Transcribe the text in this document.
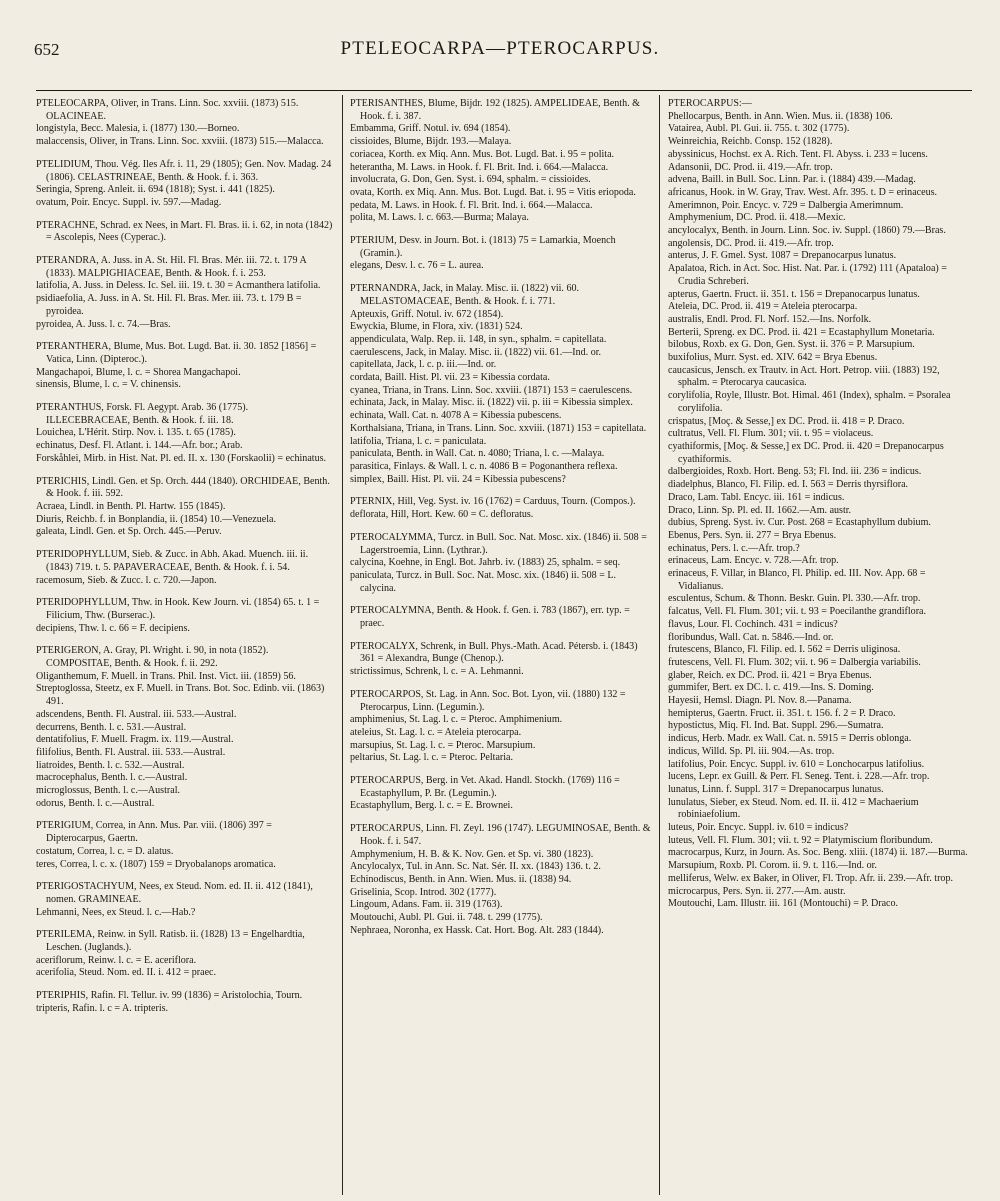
652	PTELEOCARPA—PTEROCARPUS.
PTELEOCARPA, Oliver, in Trans. Linn. Soc. xxviii. (1873) 515. OLACINEAE.
longistyla, Becc. Malesia, i. (1877) 130.—Borneo.
malaccensis, Oliver, in Trans. Linn. Soc. xxviii. (1873) 515.—Malacca.
PTELIDIUM, Thou. Vég. Iles Afr. i. 11, 29 (1805); Gen. Nov. Madag. 24 (1806). CELASTRINEAE, Benth. & Hook. f. i. 363.
Seringia, Spreng. Anleit. ii. 694 (1818); Syst. i. 441 (1825).
ovatum, Poir. Encyc. Suppl. iv. 597.—Madag.
PTERACHNE, Schrad. ex Nees, in Mart. Fl. Bras. ii. i. 62, in nota (1842) = Ascolepis, Nees (Cyperac.).
PTERANDRA, A. Juss. in A. St. Hil. Fl. Bras. Mér. iii. 72. t. 179 A (1833). MALPIGHIACEAE, Benth. & Hook. f. i. 253.
latifolia, A. Juss. in Deless. Ic. Sel. iii. 19. t. 30 = Acmanthera latifolia.
psidiaefolia, A. Juss. in A. St. Hil. Fl. Bras. Mer. iii. 73. t. 179 B = pyroidea.
pyroidea, A. Juss. l. c. 74.—Bras.
PTERANTHERA, Blume, Mus. Bot. Lugd. Bat. ii. 30. 1852 [1856] = Vatica, Linn. (Dipteroc.).
Mangachapoi, Blume, l. c. = Shorea Mangachapoi.
sinensis, Blume, l. c. = V. chinensis.
PTERANTHUS, Forsk. Fl. Aegypt. Arab. 36 (1775). ILLECEBRACEAE, Benth. & Hook. f. iii. 18.
Louichea, L'Hérit. Stirp. Nov. i. 135. t. 65 (1785).
echinatus, Desf. Fl. Atlant. i. 144.—Afr. bor.; Arab.
Forskåhlei, Mirb. in Hist. Nat. Pl. ed. II. x. 130 (Forskaolii) = echinatus.
PTERICHIS, Lindl. Gen. et Sp. Orch. 444 (1840). ORCHIDEAE, Benth. & Hook. f. iii. 592.
Acraea, Lindl. in Benth. Pl. Hartw. 155 (1845).
Diuris, Reichb. f. in Bonplandia, ii. (1854) 10.—Venezuela.
galeata, Lindl. Gen. et Sp. Orch. 445.—Peruv.
PTERIDOPHYLLUM, Sieb. & Zucc. in Abh. Akad. Muench. iii. ii. (1843) 719. t. 5. PAPAVERACEAE, Benth. & Hook. f. i. 54.
racemosum, Sieb. & Zucc. l. c. 720.—Japon.
PTERIDOPHYLLUM, Thw. in Hook. Kew Journ. vi. (1854) 65. t. 1 = Filicium, Thw. (Burserac.).
decipiens, Thw. l. c. 66 = F. decipiens.
PTERIGERON, A. Gray, Pl. Wright. i. 90, in nota (1852). COMPOSITAE, Benth. & Hook. f. ii. 292.
Oliganthemum, F. Muell. in Trans. Phil. Inst. Vict. iii. (1859) 56.
Streptoglossa, Steetz, ex F. Muell. in Trans. Bot. Soc. Edinb. vii. (1863) 491.
adscendens, Benth. Fl. Austral. iii. 533.—Austral.
decurrens, Benth. l. c. 531.—Austral.
dentatifolius, F. Muell. Fragm. ix. 119.—Austral.
filifolius, Benth. Fl. Austral. iii. 533.—Austral.
liatroides, Benth. l. c. 532.—Austral.
macrocephalus, Benth. l. c.—Austral.
microglossus, Benth. l. c.—Austral.
odorus, Benth. l. c.—Austral.
PTERIGIUM, Correa, in Ann. Mus. Par. viii. (1806) 397 = Dipterocarpus, Gaertn.
costatum, Correa, l. c. = D. alatus.
teres, Correa, l. c. x. (1807) 159 = Dryobalanops aromatica.
PTERIGOSTACHYUM, Nees, ex Steud. Nom. ed. II. ii. 412 (1841), nomen. GRAMINEAE.
Lehmanni, Nees, ex Steud. l. c.—Hab.?
PTERILEMA, Reinw. in Syll. Ratisb. ii. (1828) 13 = Engelhardtia, Leschen. (Juglands.).
aceriflorum, Reinw. l. c. = E. aceriflora.
acerifolia, Steud. Nom. ed. II. i. 412 = praec.
PTERIPHIS, Rafin. Fl. Tellur. iv. 99 (1836) = Aristolochia, Tourn.
tripteris, Rafin. l. c = A. tripteris.
PTERISANTHES, Blume, Bijdr. 192 (1825). AMPELIDEAE, Benth. & Hook. f. i. 387.
Embamma, Griff. Notul. iv. 694 (1854).
cissioides, Blume, Bijdr. 193.—Malaya.
coriacea, Korth. ex Miq. Ann. Mus. Bot. Lugd. Bat. i. 95 = polita.
heterantha, M. Laws. in Hook. f. Fl. Brit. Ind. i. 664.—Malacca.
involucrata, G. Don, Gen. Syst. i. 694, sphalm. = cissioides.
ovata, Korth. ex Miq. Ann. Mus. Bot. Lugd. Bat. i. 95 = Vitis eriopoda.
pedata, M. Laws. in Hook. f. Fl. Brit. Ind. i. 664.—Malacca.
polita, M. Laws. l. c. 663.—Burma; Malaya.
PTERIUM, Desv. in Journ. Bot. i. (1813) 75 = Lamarkia, Moench (Gramin.).
elegans, Desv. l. c. 76 = L. aurea.
PTERNANDRA, Jack, in Malay. Misc. ii. (1822) vii. 60. MELASTOMACEAE, Benth. & Hook. f. i. 771.
Apteuxis, Griff. Notul. iv. 672 (1854).
Ewyckia, Blume, in Flora, xiv. (1831) 524.
appendiculata, Walp. Rep. ii. 148, in syn., sphalm. = capitellata.
caerulescens, Jack, in Malay. Misc. ii. (1822) vii. 61.—Ind. or.
capitellata, Jack, l. c. p. iii.—Ind. or.
cordata, Baill. Hist. Pl. vii. 23 = Kibessia cordata.
cyanea, Triana, in Trans. Linn. Soc. xxviii. (1871) 153 = caerulescens.
echinata, Jack, in Malay. Misc. ii. (1822) vii. p. iii = Kibessia simplex.
echinata, Wall. Cat. n. 4078 A = Kibessia pubescens.
Korthalsiana, Triana, in Trans. Linn. Soc. xxviii. (1871) 153 = capitellata.
latifolia, Triana, l. c. = paniculata.
paniculata, Benth. in Wall. Cat. n. 4080; Triana, l. c. —Malaya.
parasitica, Finlays. & Wall. l. c. n. 4086 B = Pogonanthera reflexa.
simplex, Baill. Hist. Pl. vii. 24 = Kibessia pubescens?
PTERNIX, Hill, Veg. Syst. iv. 16 (1762) = Carduus, Tourn. (Compos.).
deflorata, Hill, Hort. Kew. 60 = C. defloratus.
PTEROCALYMMA, Turcz. in Bull. Soc. Nat. Mosc. xix. (1846) ii. 508 = Lagerstroemia, Linn. (Lythrar.).
calycina, Koehne, in Engl. Bot. Jahrb. iv. (1883) 25, sphalm. = seq.
paniculata, Turcz. in Bull. Soc. Nat. Mosc. xix. (1846) ii. 508 = L. calycina.
PTEROCALYMNA, Benth. & Hook. f. Gen. i. 783 (1867), err. typ. = praec.
PTEROCALYX, Schrenk, in Bull. Phys.-Math. Acad. Pétersb. i. (1843) 361 = Alexandra, Bunge (Chenop.).
strictissimus, Schrenk, l. c. = A. Lehmanni.
PTEROCARPOS, St. Lag. in Ann. Soc. Bot. Lyon, vii. (1880) 132 = Pterocarpus, Linn. (Legumin.).
amphimenius, St. Lag. l. c. = Pteroc. Amphimenium.
ateleius, St. Lag. l. c. = Ateleia pterocarpa.
marsupius, St. Lag. l. c. = Pteroc. Marsupium.
peltarius, St. Lag. l. c. = Pteroc. Peltaria.
PTEROCARPUS, Berg. in Vet. Akad. Handl. Stockh. (1769) 116 = Ecastaphyllum, P. Br. (Legumin.).
Ecastaphyllum, Berg. l. c. = E. Brownei.
PTEROCARPUS, Linn. Fl. Zeyl. 196 (1747). LEGUMINOSAE, Benth. & Hook. f. i. 547.
Amphymenium, H. B. & K. Nov. Gen. et Sp. vi. 380 (1823).
Ancylocalyx, Tul. in Ann. Sc. Nat. Sér. II. xx. (1843) 136. t. 2.
Echinodiscus, Benth. in Ann. Wien. Mus. ii. (1838) 94.
Griselinia, Scop. Introd. 302 (1777).
Lingoum, Adans. Fam. ii. 319 (1763).
Moutouchi, Aubl. Pl. Gui. ii. 748. t. 299 (1775).
Nephraea, Noronha, ex Hassk. Cat. Hort. Bog. Alt. 283 (1844).
PTEROCARPUS:—
Phellocarpus, Benth. in Ann. Wien. Mus. ii. (1838) 106.
Vatairea, Aubl. Pl. Gui. ii. 755. t. 302 (1775).
Weinreichia, Reichb. Consp. 152 (1828).
abyssinicus, Hochst. ex A. Rich. Tent. Fl. Abyss. i. 233 = lucens.
Adansonii, DC. Prod. ii. 419.—Afr. trop.
advena, Baill. in Bull. Soc. Linn. Par. i. (1884) 439.—Madag.
africanus, Hook. in W. Gray, Trav. West. Afr. 395. t. D = erinaceus.
Amerimnon, Poir. Encyc. v. 729 = Dalbergia Amerimnum.
Amphymenium, DC. Prod. ii. 418.—Mexic.
ancylocalyx, Benth. in Journ. Linn. Soc. iv. Suppl. (1860) 79.—Bras.
angolensis, DC. Prod. ii. 419.—Afr. trop.
anterus, J. F. Gmel. Syst. 1087 = Drepanocarpus lunatus.
Apalatoa, Rich. in Act. Soc. Hist. Nat. Par. i. (1792) 111 (Apataloa) = Crudia Schreberi.
apterus, Gaertn. Fruct. ii. 351. t. 156 = Drepanocarpus lunatus.
Ateleia, DC. Prod. ii. 419 = Ateleia pterocarpa.
australis, Endl. Prod. Fl. Norf. 152.—Ins. Norfolk.
Berterii, Spreng. ex DC. Prod. ii. 421 = Ecastaphyllum Monetaria.
bilobus, Roxb. ex G. Don, Gen. Syst. ii. 376 = P. Marsupium.
buxifolius, Murr. Syst. ed. XIV. 642 = Brya Ebenus.
caucasicus, Jensch. ex Trautv. in Act. Hort. Petrop. viii. (1883) 192, sphalm. = Pterocarya caucasica.
corylifolia, Royle, Illustr. Bot. Himal. 461 (Index), sphalm. = Psoralea corylifolia.
crispatus, [Moç. & Sesse,] ex DC. Prod. ii. 418 = P. Draco.
cultratus, Vell. Fl. Flum. 301; vii. t. 95 = violaceus.
cyathiformis, [Moç. & Sesse,] ex DC. Prod. ii. 420 = Drepanocarpus cyathiformis.
dalbergioides, Roxb. Hort. Beng. 53; Fl. Ind. iii. 236 = indicus.
diadelphus, Blanco, Fl. Filip. ed. I. 563 = Derris thyrsiflora.
Draco, Lam. Tabl. Encyc. iii. 161 = indicus.
Draco, Linn. Sp. Pl. ed. II. 1662.—Am. austr.
dubius, Spreng. Syst. iv. Cur. Post. 268 = Ecastaphyllum dubium.
Ebenus, Pers. Syn. ii. 277 = Brya Ebenus.
echinatus, Pers. l. c.—Afr. trop.?
erinaceus, Lam. Encyc. v. 728.—Afr. trop.
erinaceus, F. Villar, in Blanco, Fl. Philip. ed. III. Nov. App. 68 = Vidalianus.
esculentus, Schum. & Thonn. Beskr. Guin. Pl. 330.—Afr. trop.
falcatus, Vell. Fl. Flum. 301; vii. t. 93 = Poecilanthe grandiflora.
flavus, Lour. Fl. Cochinch. 431 = indicus?
floribundus, Wall. Cat. n. 5846.—Ind. or.
frutescens, Blanco, Fl. Filip. ed. I. 562 = Derris uliginosa.
frutescens, Vell. Fl. Flum. 302; vii. t. 96 = Dalbergia variabilis.
glaber, Reich. ex DC. Prod. ii. 421 = Brya Ebenus.
gummifer, Bert. ex DC. l. c. 419.—Ins. S. Doming.
Hayesii, Hemsl. Diagn. Pl. Nov. 8.—Panama.
hemipterus, Gaertn. Fruct. ii. 351. t. 156. f. 2 = P. Draco.
hypostictus, Miq. Fl. Ind. Bat. Suppl. 296.—Sumatra.
indicus, Herb. Madr. ex Wall. Cat. n. 5915 = Derris oblonga.
indicus, Willd. Sp. Pl. iii. 904.—As. trop.
latifolius, Poir. Encyc. Suppl. iv. 610 = Lonchocarpus latifolius.
lucens, Lepr. ex Guill. & Perr. Fl. Seneg. Tent. i. 228.—Afr. trop.
lunatus, Linn. f. Suppl. 317 = Drepanocarpus lunatus.
lunulatus, Sieber, ex Steud. Nom. ed. II. ii. 412 = Machaerium robiniaefolium.
luteus, Poir. Encyc. Suppl. iv. 610 = indicus?
luteus, Vell. Fl. Flum. 301; vii. t. 92 = Platymiscium floribundum.
macrocarpus, Kurz, in Journ. As. Soc. Beng. xliii. (1874) ii. 187.—Burma.
Marsupium, Roxb. Pl. Corom. ii. 9. t. 116.—Ind. or.
melliferus, Welw. ex Baker, in Oliver, Fl. Trop. Afr. ii. 239.—Afr. trop.
microcarpus, Pers. Syn. ii. 277.—Am. austr.
Moutouchi, Lam. Illustr. iii. 161 (Montouchi) = P. Draco.
